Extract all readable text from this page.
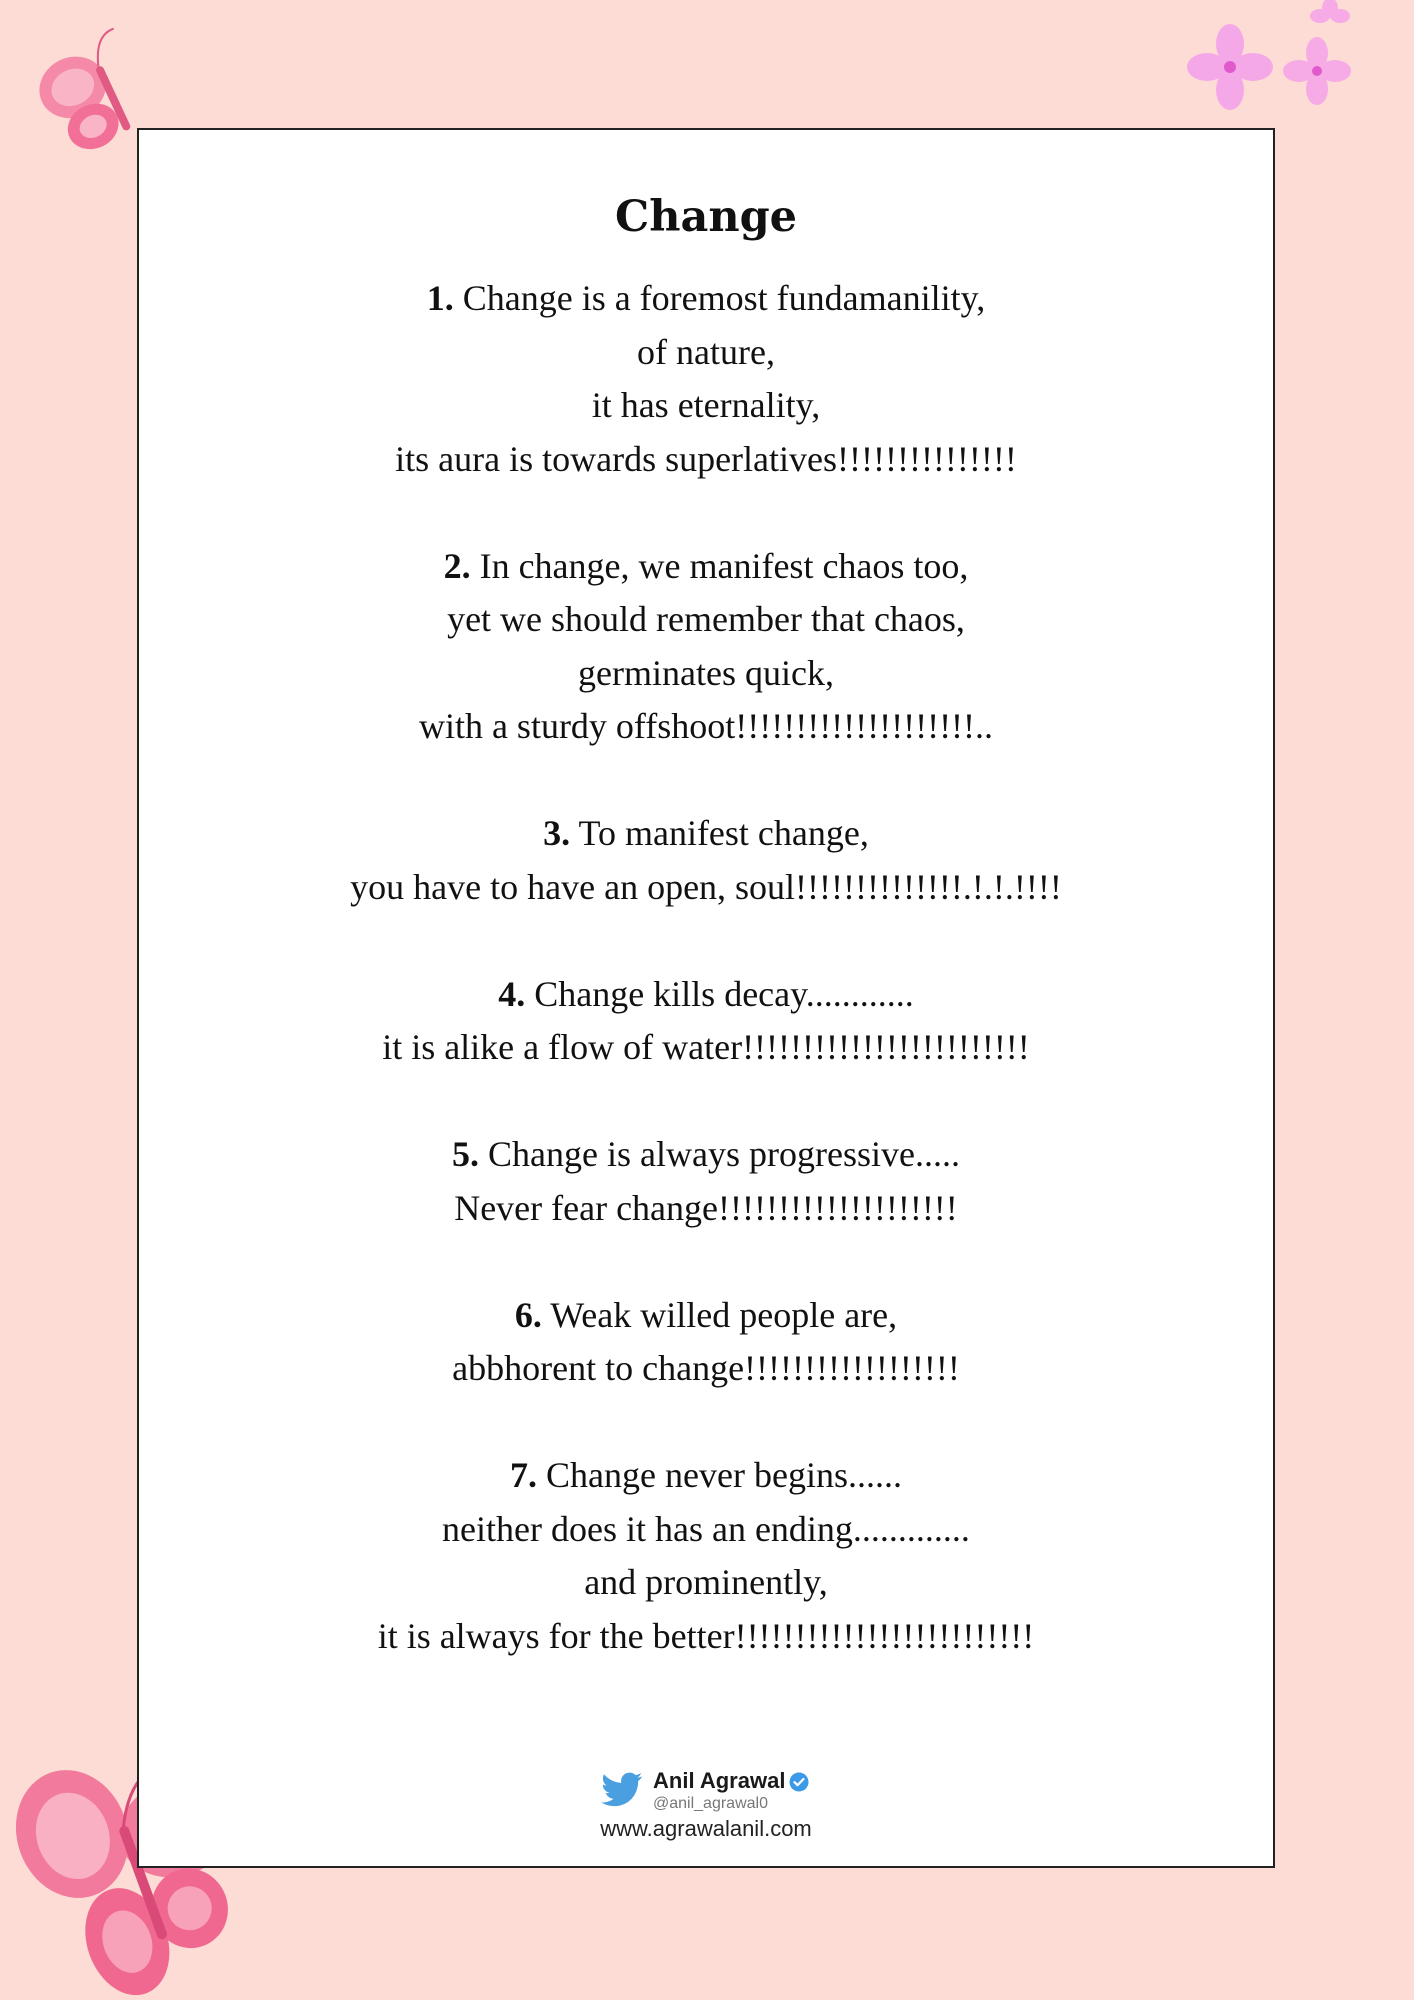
Change
1. Change is a foremost fundamanility,
of nature,
it has eternality,
its aura is towards superlatives!!!!!!!!!!!!!!!
2. In change, we manifest chaos too,
yet we should remember that chaos,
germinates quick,
with a sturdy offshoot!!!!!!!!!!!!!!!!!!!!..
3. To manifest change,
you have to have an open, soul!!!!!!!!!!!!!!.!.!.!!!!
4. Change kills decay............
it is alike a flow of water!!!!!!!!!!!!!!!!!!!!!!!!
5. Change is always progressive.....
Never fear change!!!!!!!!!!!!!!!!!!!!
6. Weak willed people are,
abbhorent to change!!!!!!!!!!!!!!!!!!
7. Change never begins......
neither does it has an ending.............
and prominently,
it is always for the better!!!!!!!!!!!!!!!!!!!!!!!!!
Anil Agrawal
@anil_agrawal0
www.agrawalanil.com
